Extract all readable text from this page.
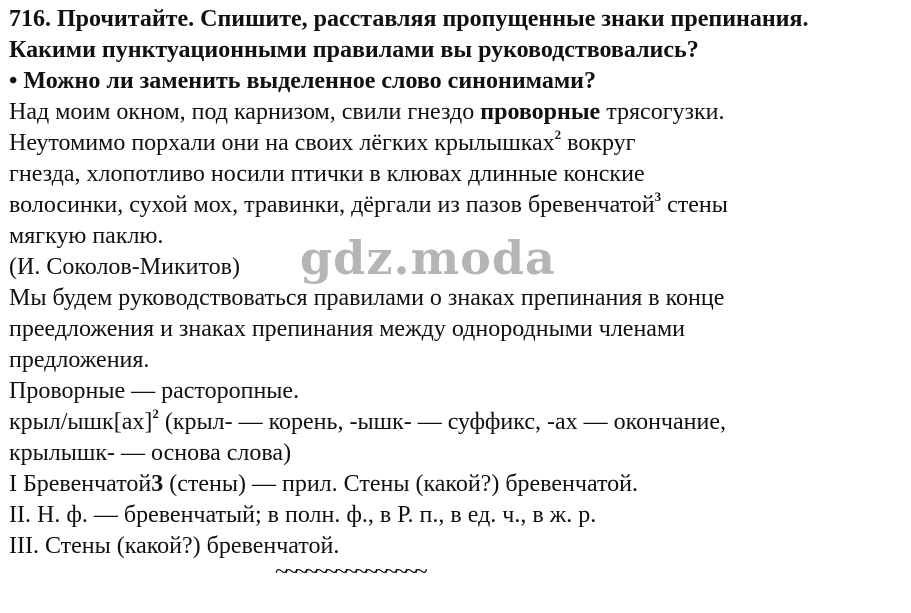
716. Прочитайте. Спишите, расставляя пропущенные знаки препинания.
Какими пунктуационными правилами вы руководствовались?
• Можно ли заменить выделенное слово синонимами?
Над моим окном, под карнизом, свили гнездо проворные трясогузки.
Неутомимо порхали они на своих лёгких крылышках$^2$ вокруг
гнезда, хлопотливо носили птички в клювах длинные конские
волосинки, сухой мох, травинки, дёргали из пазов бревенчатой$^3$ стены
мягкую паклю.
(И. Соколов-Микитов)
Мы будем руководствоваться правилами о знаках препинания в конце
преедложения и знаках препинания между однородными членами
предложения.
Проворные — расторопные.
крыл/ышк[ах]$^2$ (крыл- — корень, -ышк- — суффикс, -ах — окончание,
крылышк- — основа слова)
I Бревенчатой3 (стены) — прил. Стены (какой?) бревенчатой.
II. Н. ф. — бревенчатый; в полн. ф., в Р. п., в ед. ч., в ж. р.
III. Стены (какой?) бревенчатой.
~~~~~~~~~~~~~~~
gdz.moda
